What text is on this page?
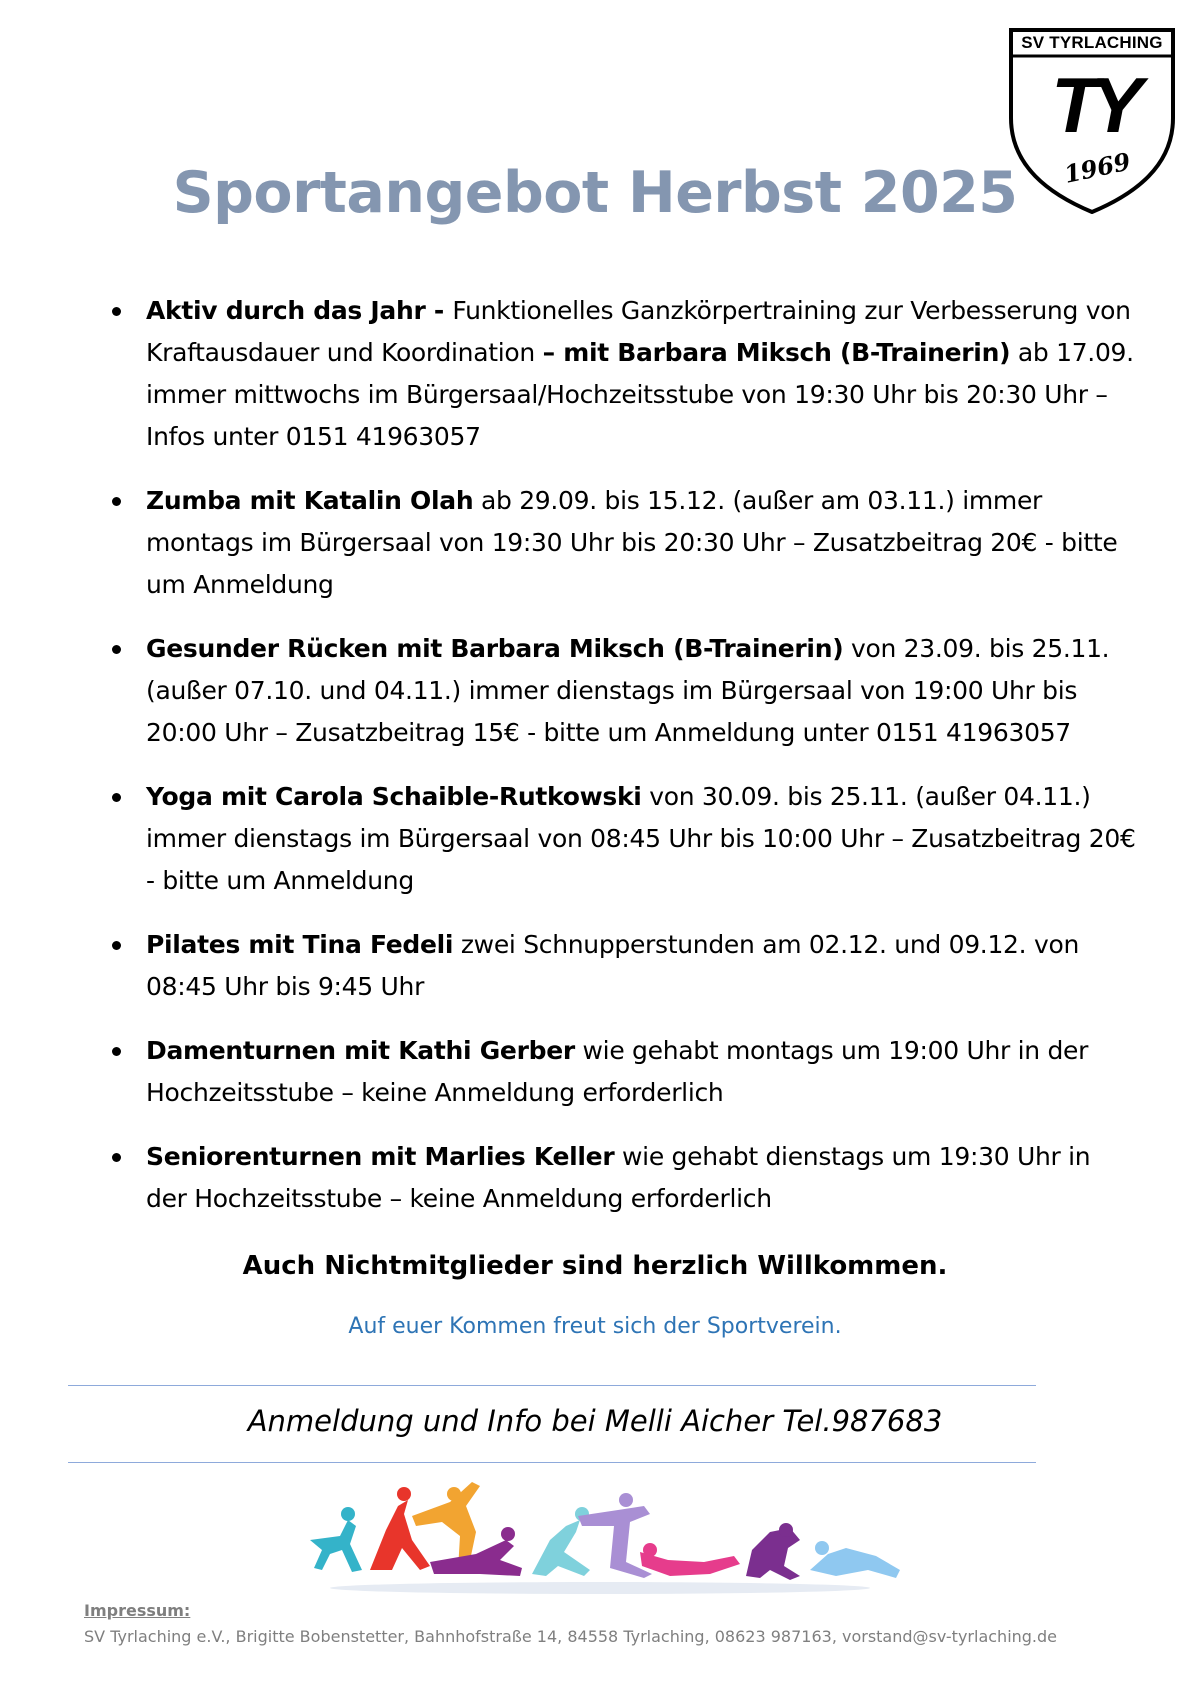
TY
1969
SV TYRLACHING
Sportangebot Herbst 2025
Aktiv durch das Jahr - Funktionelles Ganzkörpertraining zur Verbesserung von Kraftausdauer und Koordination – mit Barbara Miksch (B-Trainerin) ab 17.09. immer mittwochs im Bürgersaal/Hochzeitsstube von 19:30 Uhr bis 20:30 Uhr – Infos unter 0151 41963057
Zumba mit Katalin Olah ab 29.09. bis 15.12. (außer am 03.11.) immer montags im Bürgersaal von 19:30 Uhr bis 20:30 Uhr – Zusatzbeitrag 20€ - bitte um Anmeldung
Gesunder Rücken mit Barbara Miksch (B-Trainerin) von 23.09. bis 25.11. (außer 07.10. und 04.11.) immer dienstags im Bürgersaal von 19:00 Uhr bis 20:00 Uhr – Zusatzbeitrag 15€ - bitte um Anmeldung unter 0151 41963057
Yoga mit Carola Schaible-Rutkowski von 30.09. bis 25.11. (außer 04.11.) immer dienstags im Bürgersaal von 08:45 Uhr bis 10:00 Uhr – Zusatzbeitrag 20€ - bitte um Anmeldung
Pilates mit Tina Fedeli zwei Schnupperstunden am 02.12. und 09.12. von 08:45 Uhr bis 9:45 Uhr
Damenturnen mit Kathi Gerber wie gehabt montags um 19:00 Uhr in der Hochzeitsstube – keine Anmeldung erforderlich
Seniorenturnen mit Marlies Keller wie gehabt dienstags um 19:30 Uhr in der Hochzeitsstube – keine Anmeldung erforderlich
Auch Nichtmitglieder sind herzlich Willkommen.
Auf euer Kommen freut sich der Sportverein.
Anmeldung und Info bei Melli Aicher Tel.987683
Impressum:
SV Tyrlaching e.V., Brigitte Bobenstetter, Bahnhofstraße 14, 84558 Tyrlaching, 08623 987163, vorstand@sv-tyrlaching.de
